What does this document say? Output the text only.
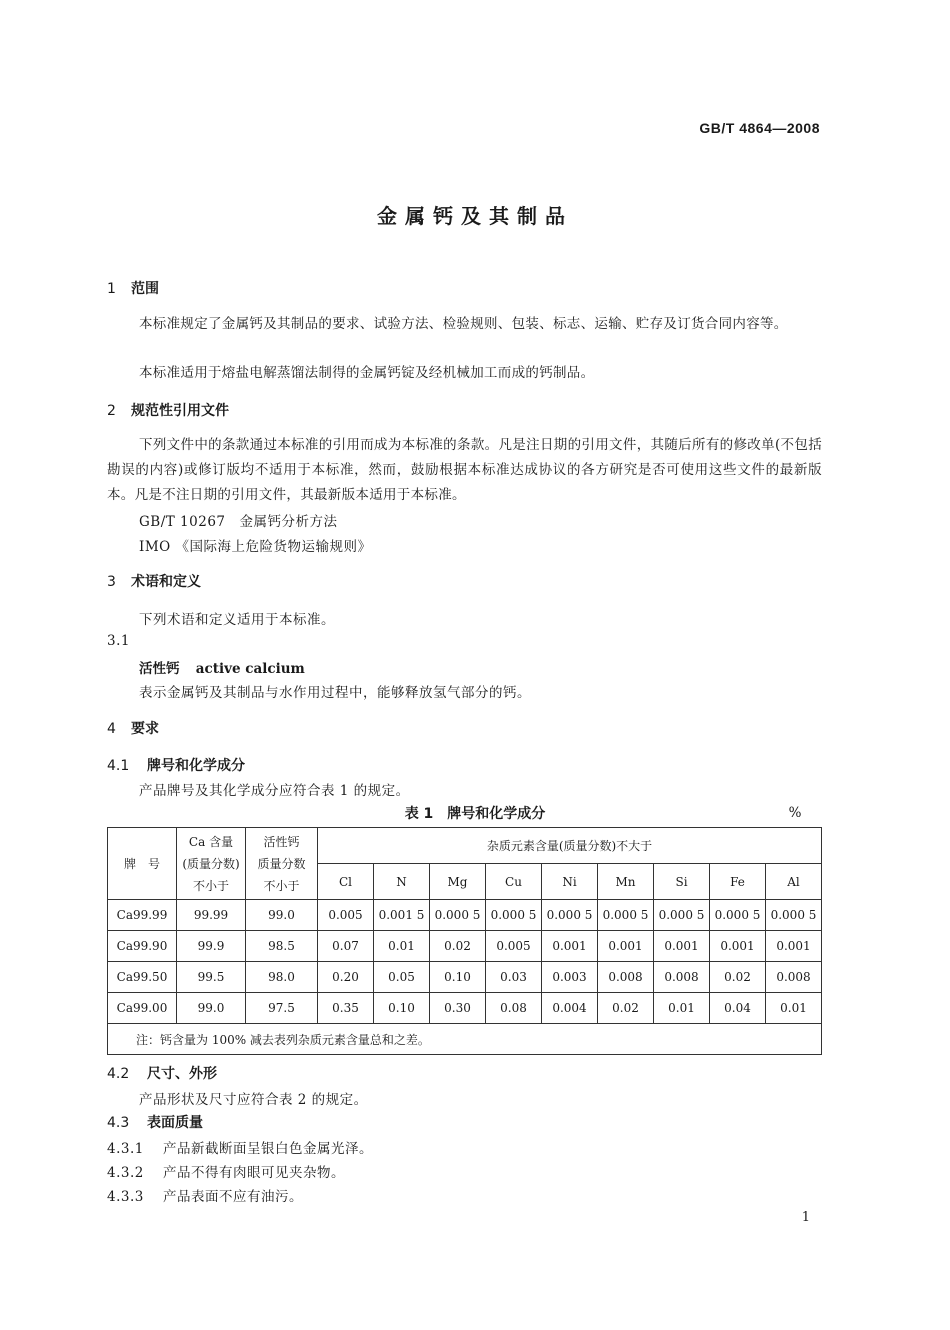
GB/T 4864—2008
金属钙及其制品
1 范围
本标准规定了金属钙及其制品的要求、试验方法、检验规则、包装、标志、运输、贮存及订货合同内容等。
本标准适用于熔盐电解蒸馏法制得的金属钙锭及经机械加工而成的钙制品。
2 规范性引用文件
下列文件中的条款通过本标准的引用而成为本标准的条款。凡是注日期的引用文件，其随后所有的修改单(不包括勘误的内容)或修订版均不适用于本标准，然而，鼓励根据本标准达成协议的各方研究是否可使用这些文件的最新版本。凡是不注日期的引用文件，其最新版本适用于本标准。
GB/T 10267　金属钙分析方法
IMO 《国际海上危险货物运输规则》
3 术语和定义
下列术语和定义适用于本标准。
3.1
活性钙 active calcium
表示金属钙及其制品与水作用过程中，能够释放氢气部分的钙。
4 要求
4.1 牌号和化学成分
产品牌号及其化学成分应符合表 1 的规定。
表 1　牌号和化学成分	%
牌　号	Ca 含量
(质量分数)
不小于	活性钙
质量分数
不小于	杂质元素含量(质量分数)不大于								
			Cl	N	Mg	Cu	Ni	Mn	Si	Fe	Al
Ca99.99	99.99	99.0	0.005	0.001 5	0.000 5	0.000 5	0.000 5	0.000 5	0.000 5	0.000 5	0.000 5
Ca99.90	99.9	98.5	0.07	0.01	0.02	0.005	0.001	0.001	0.001	0.001	0.001
Ca99.50	99.5	98.0	0.20	0.05	0.10	0.03	0.003	0.008	0.008	0.02	0.008
Ca99.00	99.0	97.5	0.35	0.10	0.30	0.08	0.004	0.02	0.01	0.04	0.01
注：钙含量为 100% 减去表列杂质元素含量总和之差。											
4.2 尺寸、外形
产品形状及尺寸应符合表 2 的规定。
4.3 表面质量
4.3.1 产品新截断面呈银白色金属光泽。
4.3.2 产品不得有肉眼可见夹杂物。
4.3.3 产品表面不应有油污。
1
